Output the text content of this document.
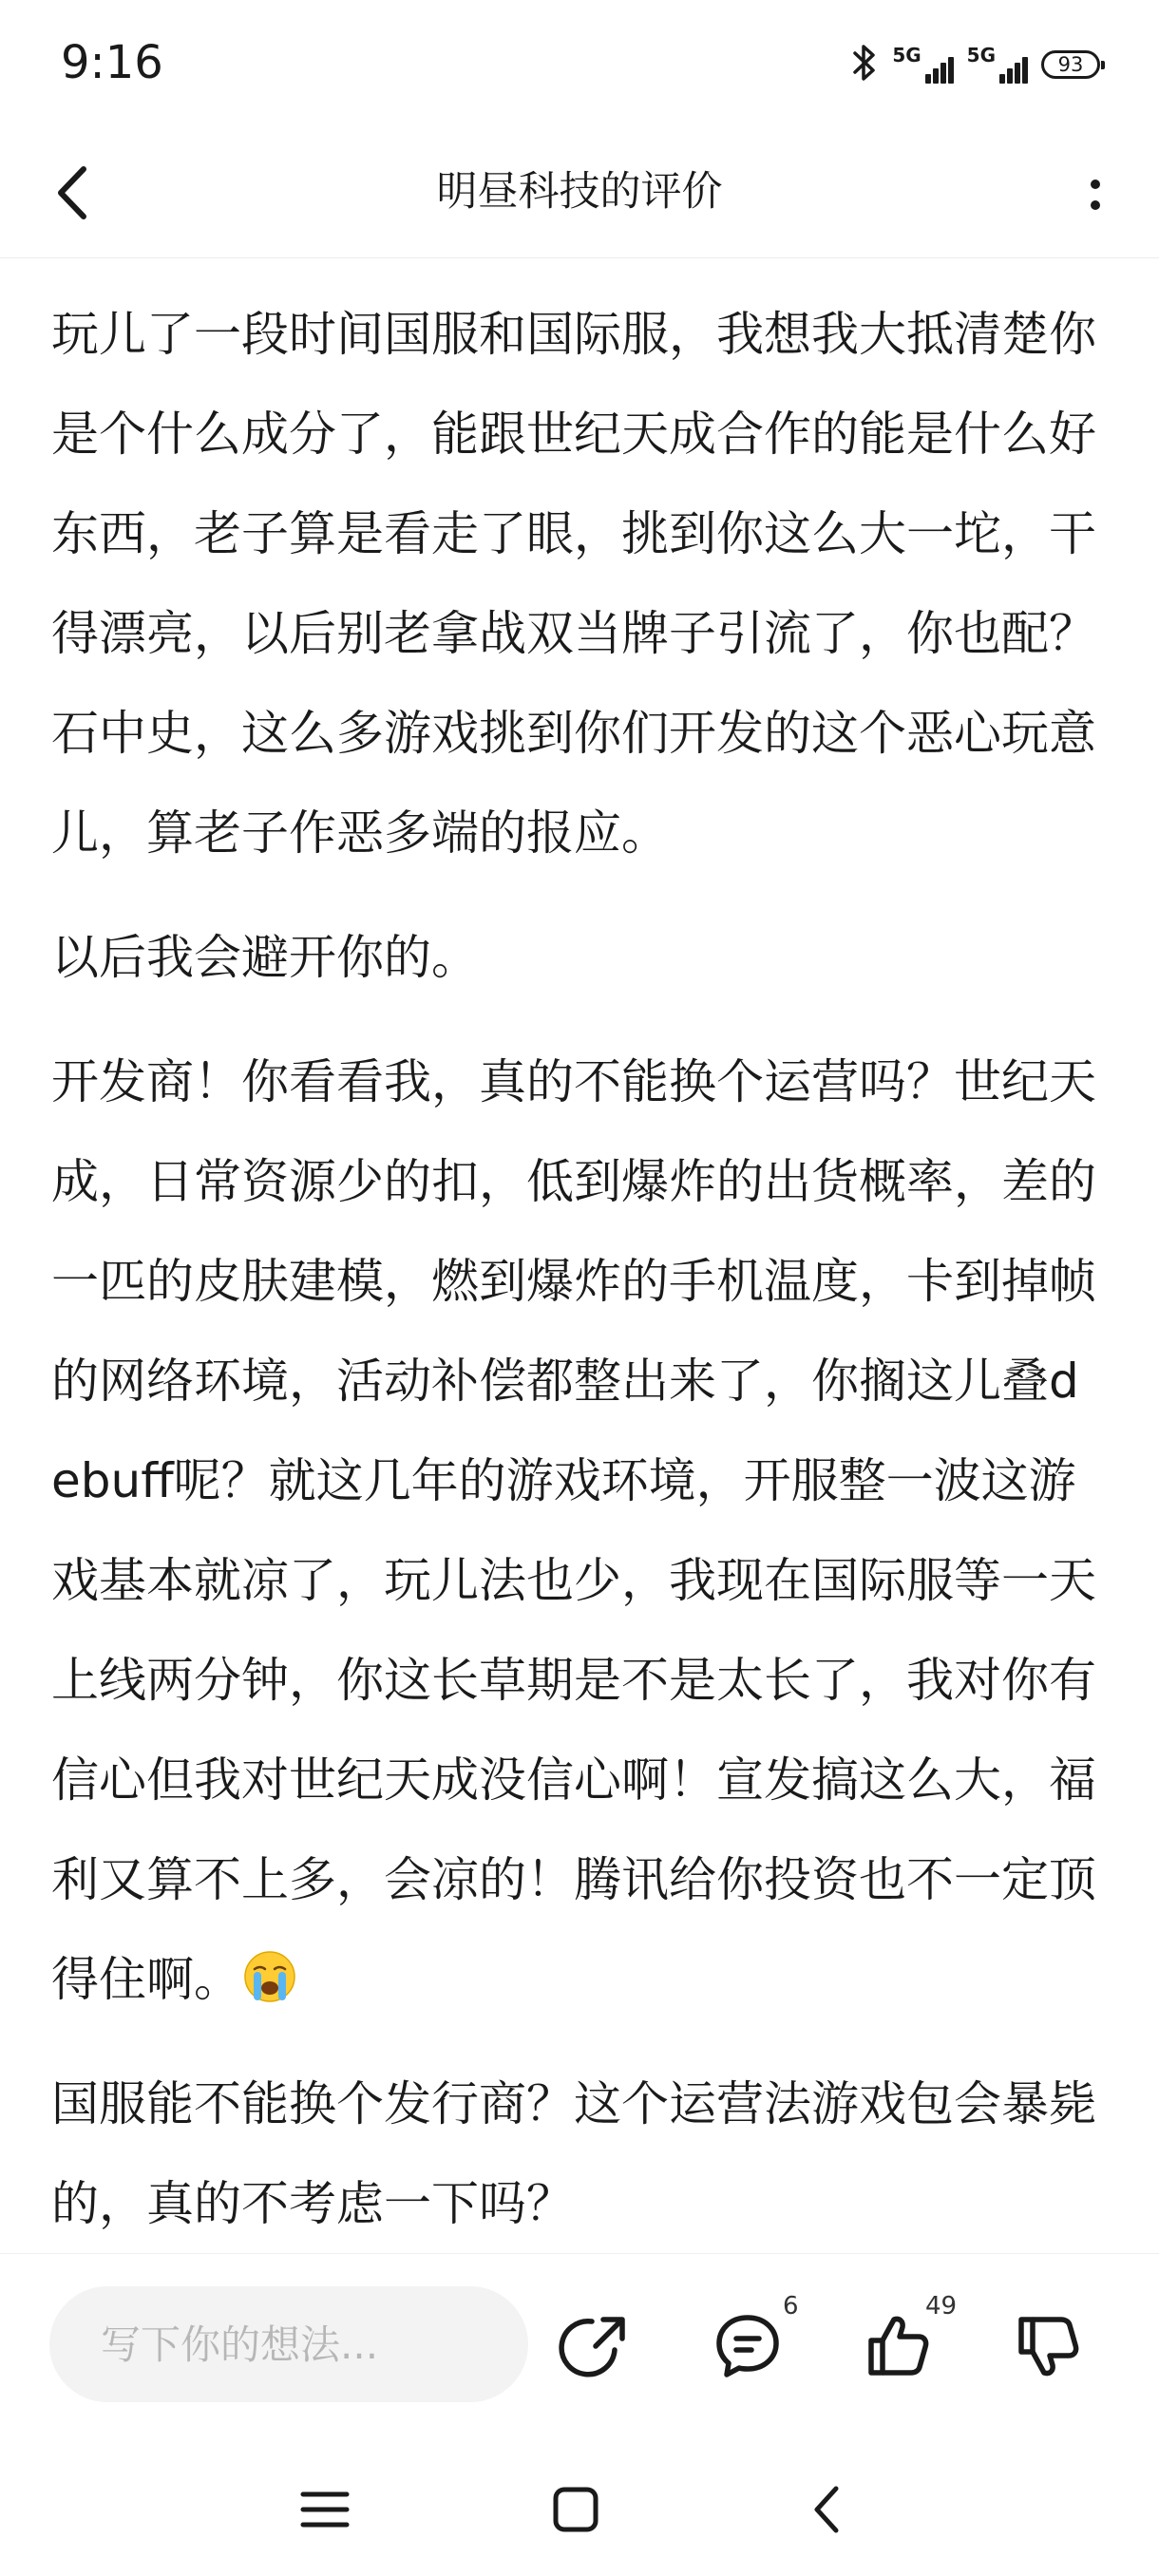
9:16	5G 5G	93
明昼科技的评价

玩儿了一段时间国服和国际服，我想我大抵清楚你是个什么成分了，能跟世纪天成合作的能是什么好东西，老子算是看走了眼，挑到你这么大一坨，干得漂亮，以后别老拿战双当牌子引流了，你也配？石中史，这么多游戏挑到你们开发的这个恶心玩意儿，算老子作恶多端的报应。

以后我会避开你的。

开发商！你看看我，真的不能换个运营吗？世纪天成，日常资源少的扣，低到爆炸的出货概率，差的一匹的皮肤建模，燃到爆炸的手机温度，卡到掉帧的网络环境，活动补偿都整出来了，你搁这儿叠debuff呢？就这几年的游戏环境，开服整一波这游戏基本就凉了，玩儿法也少，我现在国际服等一天上线两分钟，你这长草期是不是太长了，我对你有信心但我对世纪天成没信心啊！宣发搞这么大，福利又算不上多，会凉的！腾讯给你投资也不一定顶得住啊。

国服能不能换个发行商？这个运营法游戏包会暴毙的，真的不考虑一下吗？

写下你的想法...
6	49
